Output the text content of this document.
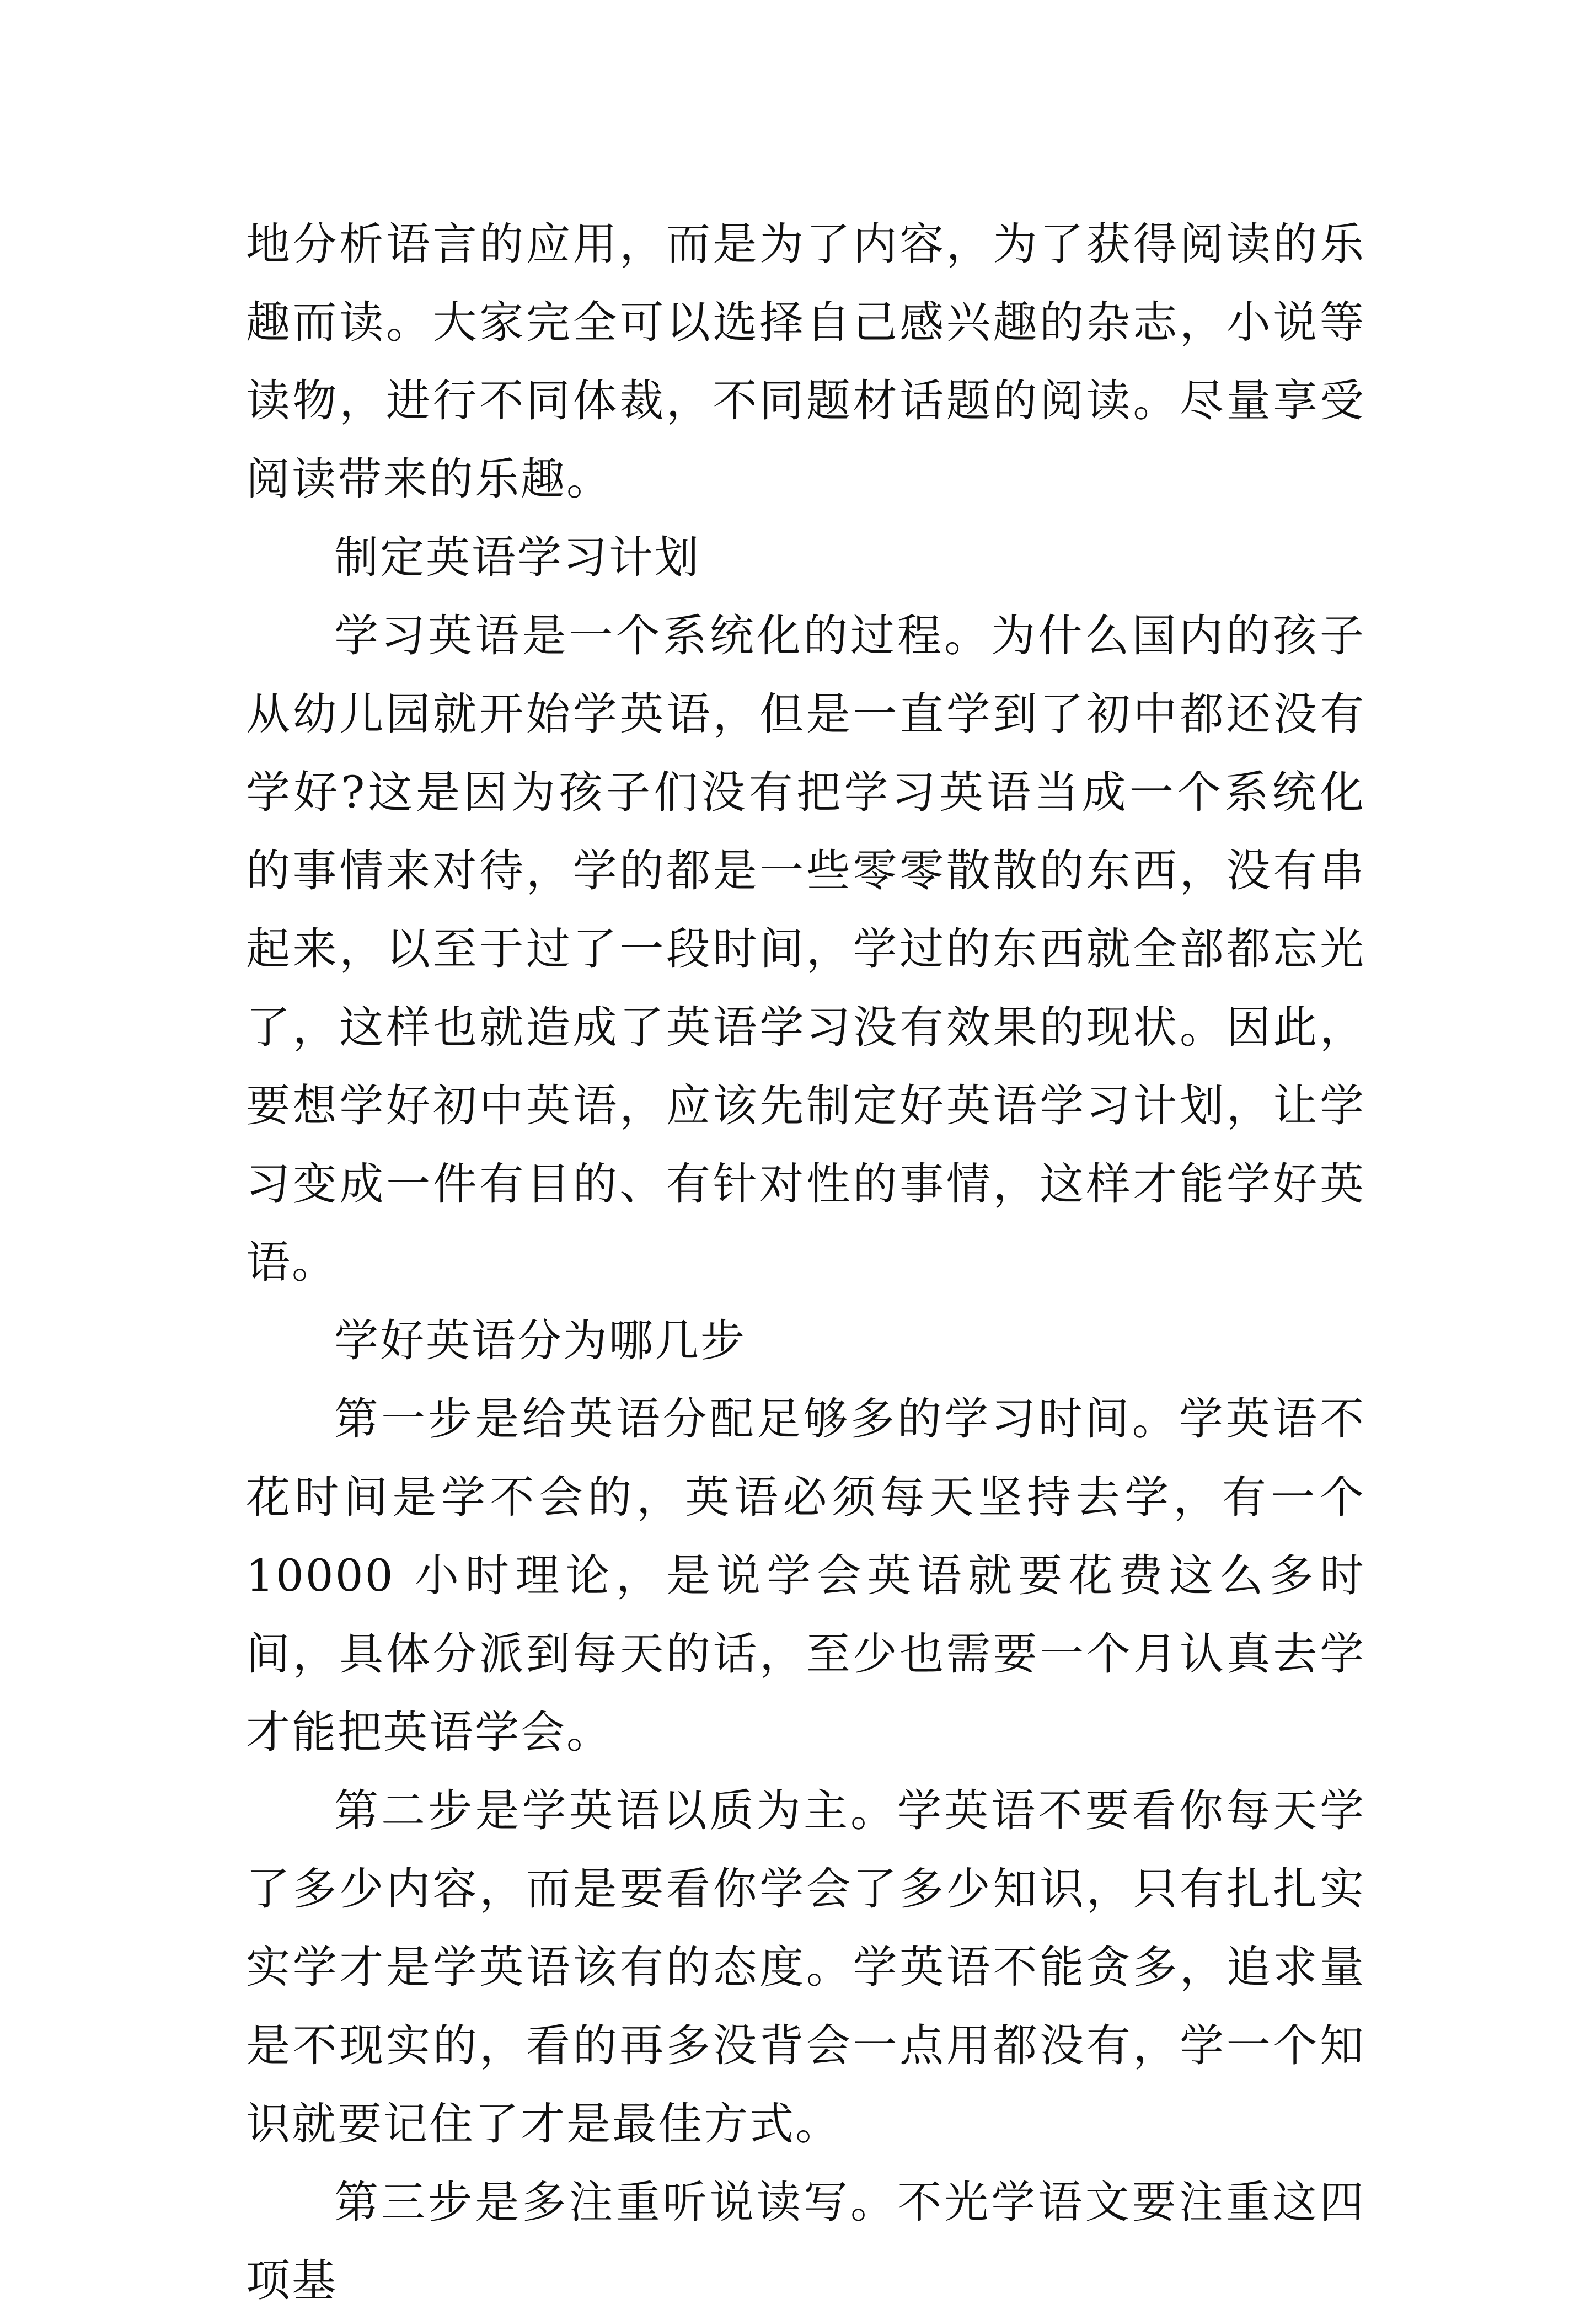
地分析语言的应用，而是为了内容，为了获得阅读的乐趣而读。大家完全可以选择自己感兴趣的杂志，小说等读物，进行不同体裁，不同题材话题的阅读。尽量享受阅读带来的乐趣。

制定英语学习计划

学习英语是一个系统化的过程。为什么国内的孩子从幼儿园就开始学英语，但是一直学到了初中都还没有学好?这是因为孩子们没有把学习英语当成一个系统化的事情来对待，学的都是一些零零散散的东西，没有串起来，以至于过了一段时间，学过的东西就全部都忘光了，这样也就造成了英语学习没有效果的现状。因此，要想学好初中英语，应该先制定好英语学习计划，让学习变成一件有目的、有针对性的事情，这样才能学好英语。

学好英语分为哪几步

第一步是给英语分配足够多的学习时间。学英语不花时间是学不会的，英语必须每天坚持去学，有一个 10000 小时理论，是说学会英语就要花费这么多时间，具体分派到每天的话，至少也需要一个月认真去学才能把英语学会。

第二步是学英语以质为主。学英语不要看你每天学了多少内容，而是要看你学会了多少知识，只有扎扎实实学才是学英语该有的态度。学英语不能贪多，追求量是不现实的，看的再多没背会一点用都没有，学一个知识就要记住了才是最佳方式。

第三步是多注重听说读写。不光学语文要注重这四项基
